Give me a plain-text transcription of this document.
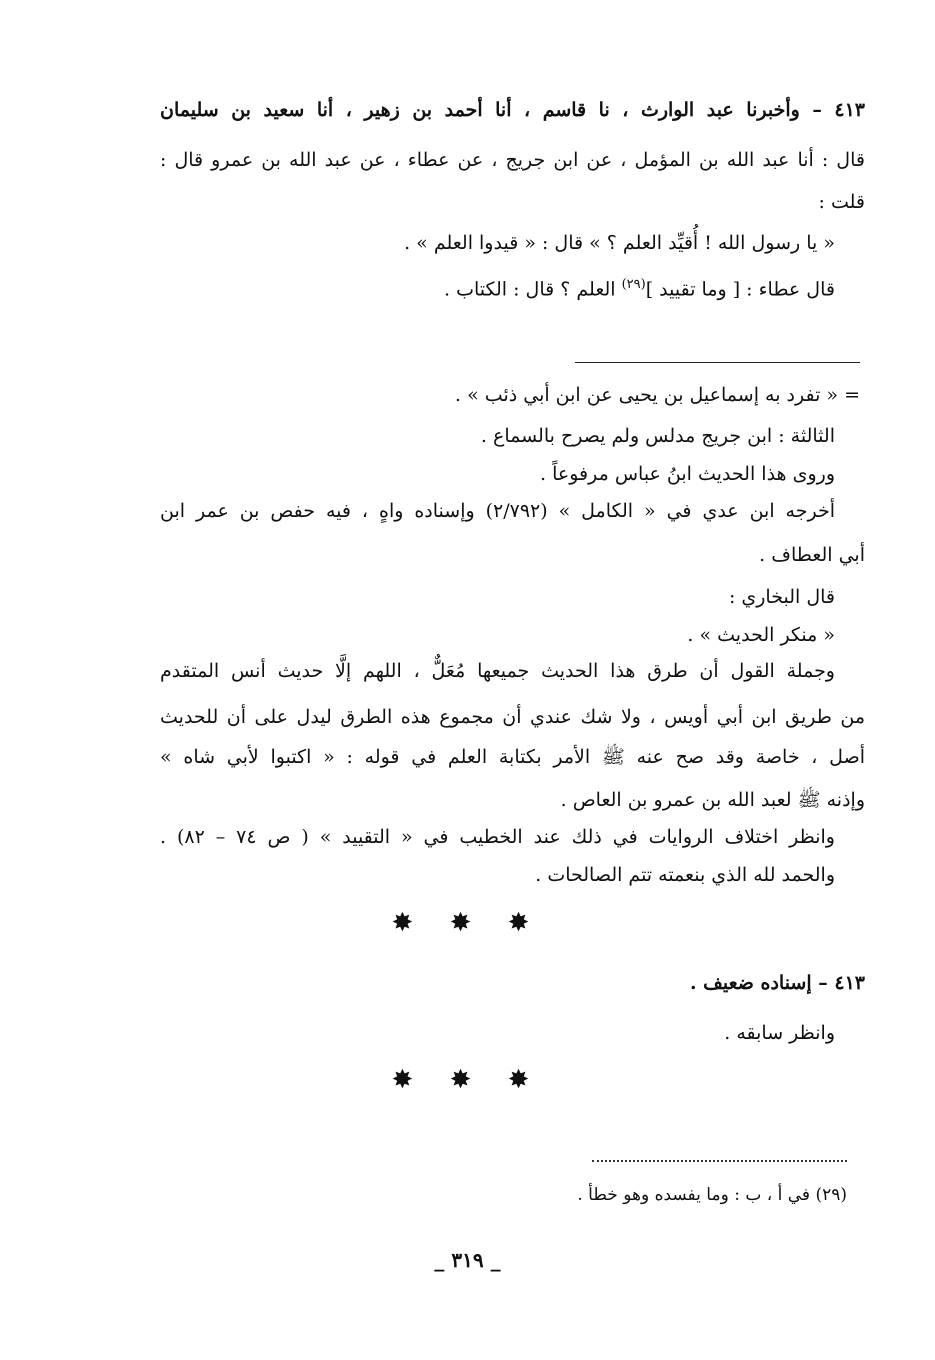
٤١٣ – وأخبرنا عبد الوارث ، نا قاسم ، أنا أحمد بن زهير ، أنا سعيد بن سليمان
قال : أنا عبد الله بن المؤمل ، عن ابن جريج ، عن عطاء ، عن عبد الله بن عمرو قال :
قلت :
« يا رسول الله ! أُقيِّد العلم ؟ » قال : « قيدوا العلم » .
قال عطاء : [ وما تقييد ]$^{(٢٩)}$ العلم ؟ قال : الكتاب .
= « تفرد به إسماعيل بن يحيى عن ابن أبي ذئب » .
الثالثة : ابن جريج مدلس ولم يصرح بالسماع .
وروى هذا الحديث ابنُ عباس مرفوعاً .
أخرجه ابن عدي في « الكامل » (٢/٧٩٢) وإسناده واهٍ ، فيه حفص بن عمر ابن
أبي العطاف .
قال البخاري :
« منكر الحديث » .
وجملة القول أن طرق هذا الحديث جميعها مُعَلٌّ ، اللهم إلَّا حديث أنس المتقدم
من طريق ابن أبي أويس ، ولا شك عندي أن مجموع هذه الطرق ليدل على أن للحديث
أصل ، خاصة وقد صح عنه ﷺ الأمر بكتابة العلم في قوله : « اكتبوا لأبي شاه »
وإذنه ﷺ لعبد الله بن عمرو بن العاص .
وانظر اختلاف الروايات في ذلك عند الخطيب في « التقييد » ( ص ٧٤ – ٨٢) .
والحمد لله الذي بنعمته تتم الصالحات .
✸ ✸ ✸
٤١٣ – إسناده ضعيف .
وانظر سابقه .
✸ ✸ ✸
(٢٩) في أ ، ب : وما يفسده وهو خطأ .
_ ٣١٩ _
